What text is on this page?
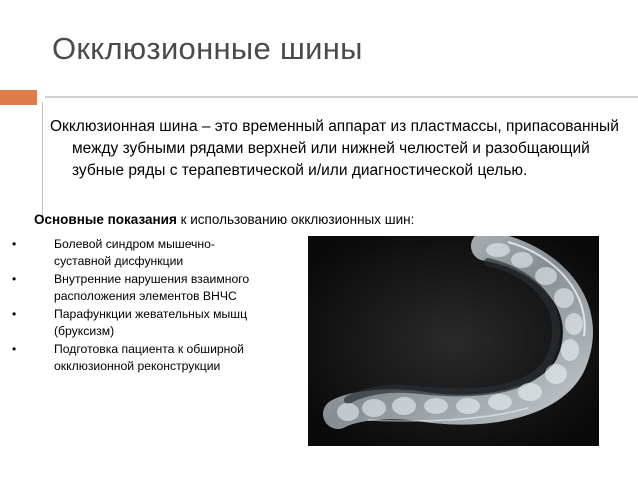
Окклюзионные шины
Окклюзионная шина – это временный аппарат из пластмассы, припасованный между зубными рядами верхней или нижней челюстей и разобщающий зубные ряды с терапевтической и/или диагностической целью.
Основные показания к использованию окклюзионных шин:
•	Болевой синдром мышечно-
суставной дисфункции
•	Внутренние нарушения взаимного
расположения элементов ВНЧС
•	Парафункции жевательных мышц
(бруксизм)
•	Подготовка пациента к обширной
окклюзионной реконструкции
